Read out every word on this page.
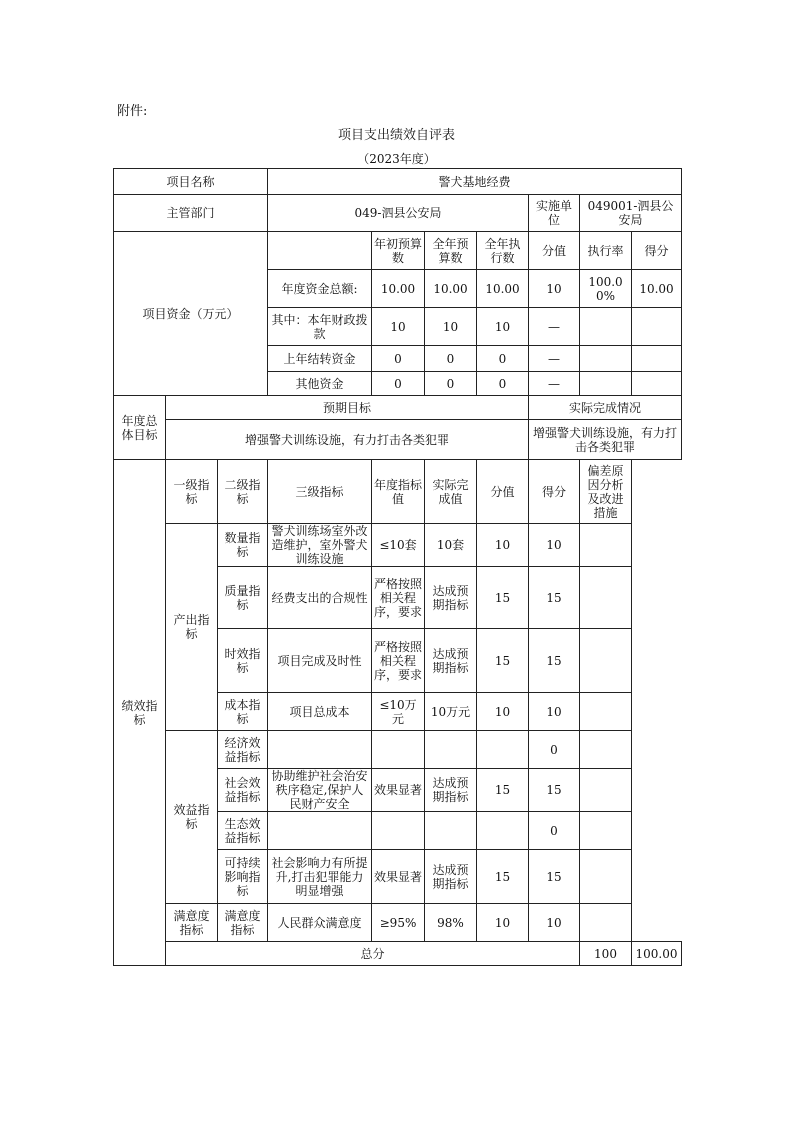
附件:
项目支出绩效自评表
（2023年度）
项目名称			警犬基地经费							
主管部门			049-泗县公安局				实施单位	049001-泗县公安局		
项目资金（万元）				年初预算数	全年预算数	全年执行数	分值	执行率	得分	
			年度资金总额:	10.00	10.00	10.00	10	100.00%	10.00	
			其中：本年财政拨款	10	10	10	—			
			上年结转资金	0	0	0	—			
			其他资金	0	0	0	—			
年度总体目标	预期目标						实际完成情况			
	增强警犬训练设施，有力打击各类犯罪						增强警犬训练设施，有力打击各类犯罪			
绩效指标	一级指标	二级指标	三级指标	年度指标值	实际完成值	分值	得分	偏差原因分析及改进措施		
	产出指标	数量指标	警犬训练场室外改造维护，室外警犬训练设施	≤10套	10套	10	10			
		质量指标	经费支出的合规性	严格按照相关程序，要求	达成预期指标	15	15			
		时效指标	项目完成及时性	严格按照相关程序，要求	达成预期指标	15	15			
		成本指标	项目总成本	≤10万元	10万元	10	10			
	效益指标	经济效益指标					0			
		社会效益指标	协助维护社会治安秩序稳定,保护人民财产安全	效果显著	达成预期指标	15	15			
		生态效益指标					0			
		可持续影响指标	社会影响力有所提升,打击犯罪能力明显增强	效果显著	达成预期指标	15	15			
	满意度指标	满意度指标	人民群众满意度	≥95%	98%	10	10			
	总分							100	100.00	
